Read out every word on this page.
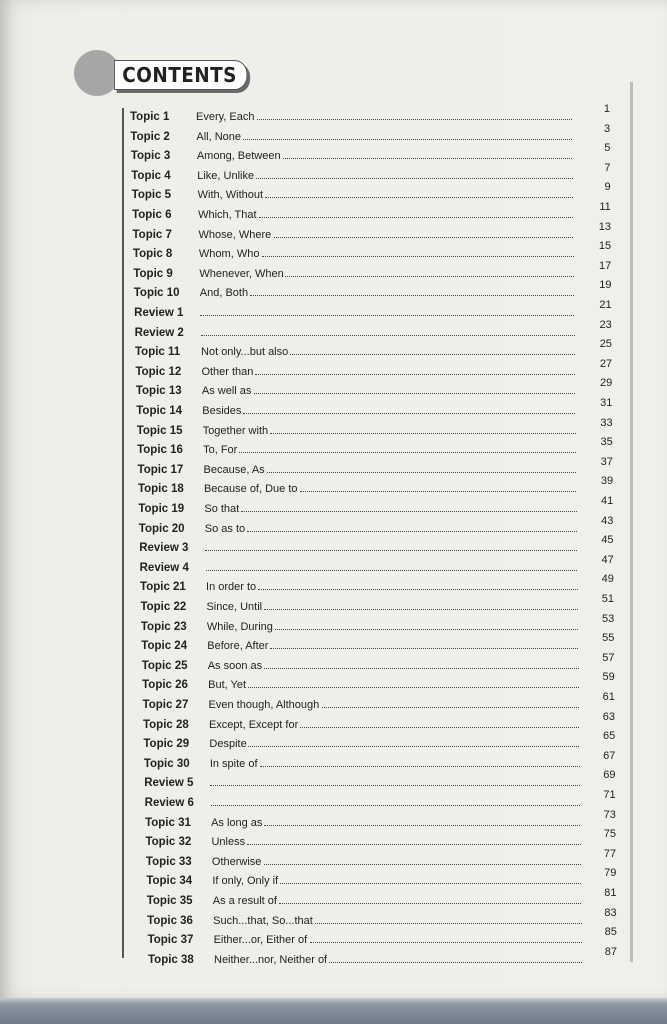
CONTENTS
Topic 1 Every, Each
1
Topic 2 All, None
3
Topic 3 Among, Between
5
Topic 4 Like, Unlike
7
Topic 5 With, Without
9
Topic 6 Which, That
11
Topic 7 Whose, Where
13
Topic 8 Whom, Who
15
Topic 9 Whenever, When
17
Topic 10 And, Both
19
Review 1
21
Review 2
23
Topic 11 Not only...but also
25
Topic 12 Other than
27
Topic 13 As well as
29
Topic 14 Besides
31
Topic 15 Together with
33
Topic 16 To, For
35
Topic 17 Because, As
37
Topic 18 Because of, Due to
39
Topic 19 So that
41
Topic 20 So as to
43
Review 3
45
Review 4
47
Topic 21 In order to
49
Topic 22 Since, Until
51
Topic 23 While, During
53
Topic 24 Before, After
55
Topic 25 As soon as
57
Topic 26 But, Yet
59
Topic 27 Even though, Although
61
Topic 28 Except, Except for
63
Topic 29 Despite
65
Topic 30 In spite of
67
Review 5
69
Review 6
71
Topic 31 As long as
73
Topic 32 Unless
75
Topic 33 Otherwise
77
Topic 34 If only, Only if
79
Topic 35 As a result of
81
Topic 36 Such...that, So...that
83
Topic 37 Either...or, Either of
85
Topic 38 Neither...nor, Neither of
87
